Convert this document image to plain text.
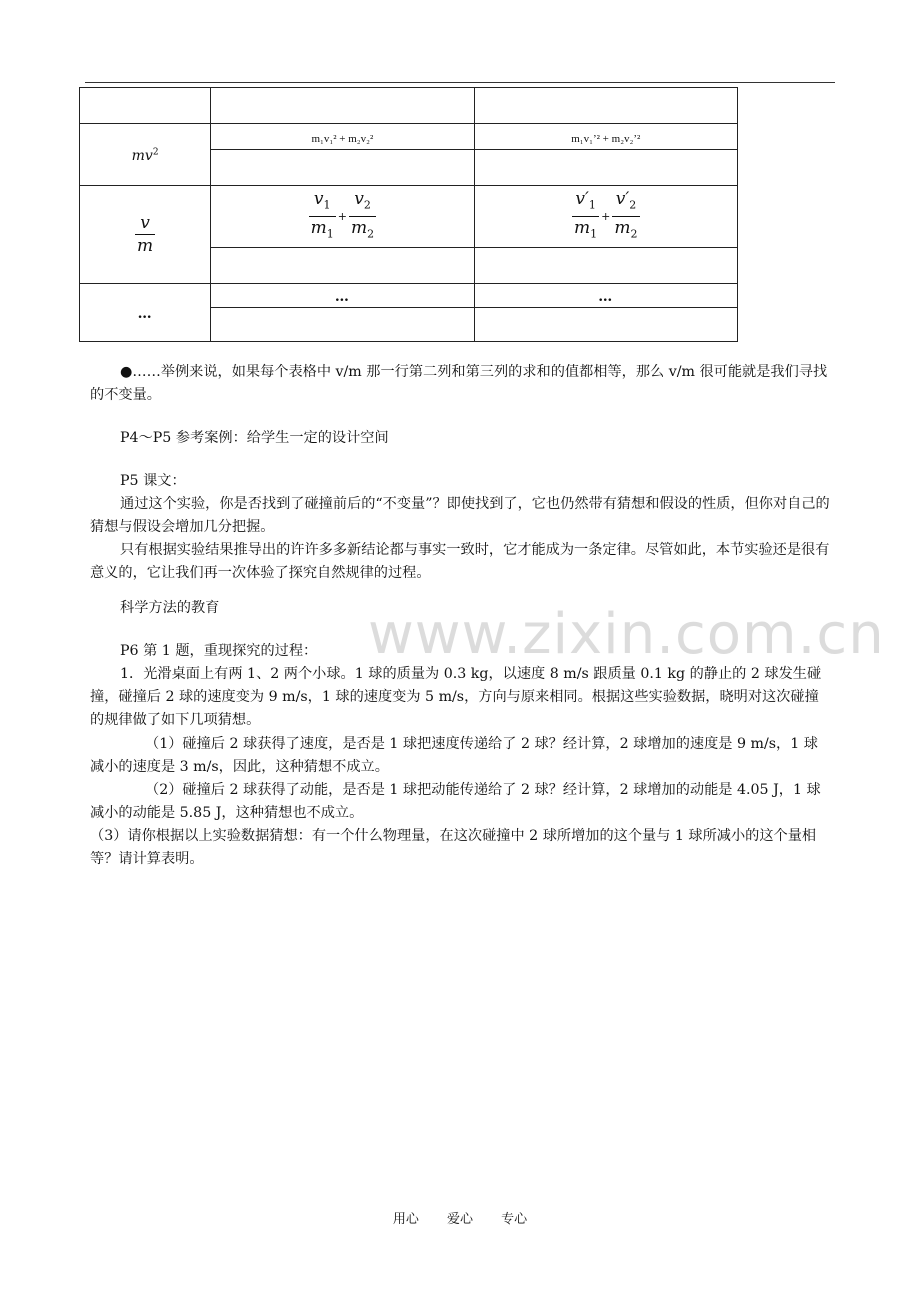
$mv^2$	m₁v₁² + m₂v₂²	m₁v₁’² + m₂v₂’²

$\frac{v}{m}$	$\frac{v_1}{m_1} + \frac{v_2}{m_2}$	$\frac{v'_1}{m_1} + \frac{v'_2}{m_2}$

…	…	…

●……举例来说，如果每个表格中 v/m 那一行第二列和第三列的求和的值都相等，那么 v/m 很可能就是我们寻找的不变量。

P4～P5 参考案例：给学生一定的设计空间

P5 课文：

通过这个实验，你是否找到了碰撞前后的“不变量”？即使找到了，它也仍然带有猜想和假设的性质，但你对自己的猜想与假设会增加几分把握。

只有根据实验结果推导出的许许多多新结论都与事实一致时，它才能成为一条定律。尽管如此，本节实验还是很有意义的，它让我们再一次体验了探究自然规律的过程。

科学方法的教育	www.zixin.com.cn

P6 第 1 题，重现探究的过程：

1．光滑桌面上有两 1、2 两个小球。1 球的质量为 0.3 kg，以速度 8 m/s 跟质量 0.1 kg 的静止的 2 球发生碰撞，碰撞后 2 球的速度变为 9 m/s，1 球的速度变为 5 m/s，方向与原来相同。根据这些实验数据，晓明对这次碰撞的规律做了如下几项猜想。

（1）碰撞后 2 球获得了速度，是否是 1 球把速度传递给了 2 球？经计算，2 球增加的速度是 9 m/s，1 球减小的速度是 3 m/s，因此，这种猜想不成立。

（2）碰撞后 2 球获得了动能，是否是 1 球把动能传递给了 2 球？经计算，2 球增加的动能是 4.05 J，1 球减小的动能是 5.85 J，这种猜想也不成立。

（3）请你根据以上实验数据猜想：有一个什么物理量，在这次碰撞中 2 球所增加的这个量与 1 球所减小的这个量相等？请计算表明。

用心 爱心 专心
